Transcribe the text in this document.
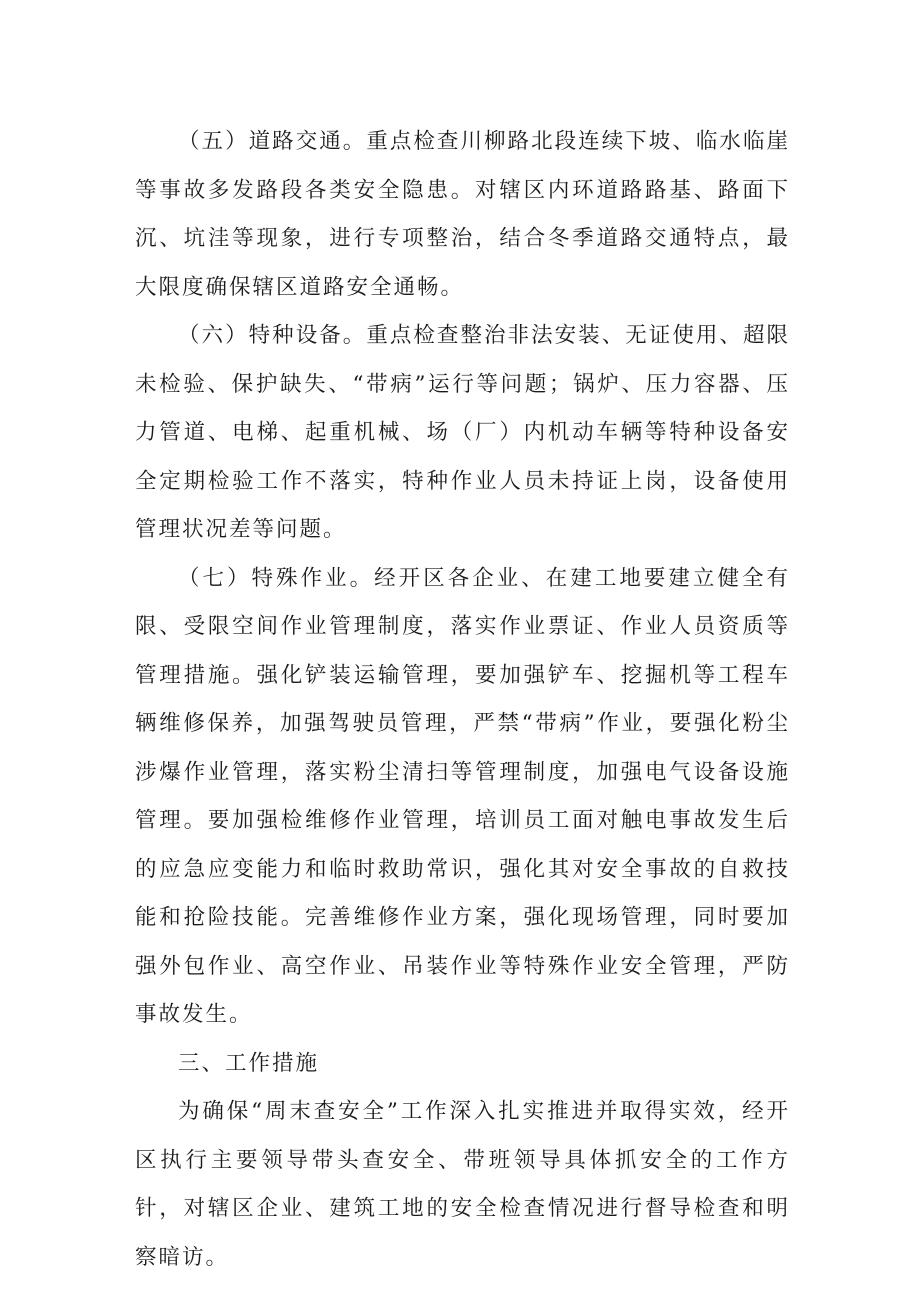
（五）道路交通。重点检查川柳路北段连续下坡、临水临崖等事故多发路段各类安全隐患。对辖区内环道路路基、路面下沉、坑洼等现象，进行专项整治，结合冬季道路交通特点，最大限度确保辖区道路安全通畅。

（六）特种设备。重点检查整治非法安装、无证使用、超限未检验、保护缺失、“带病”运行等问题；锅炉、压力容器、压力管道、电梯、起重机械、场（厂）内机动车辆等特种设备安全定期检验工作不落实，特种作业人员未持证上岗，设备使用管理状况差等问题。

（七）特殊作业。经开区各企业、在建工地要建立健全有限、受限空间作业管理制度，落实作业票证、作业人员资质等管理措施。强化铲装运输管理，要加强铲车、挖掘机等工程车辆维修保养，加强驾驶员管理，严禁“带病”作业，要强化粉尘涉爆作业管理，落实粉尘清扫等管理制度，加强电气设备设施管理。要加强检维修作业管理，培训员工面对触电事故发生后的应急应变能力和临时救助常识，强化其对安全事故的自救技能和抢险技能。完善维修作业方案，强化现场管理，同时要加强外包作业、高空作业、吊装作业等特殊作业安全管理，严防事故发生。

三、工作措施

为确保“周末查安全”工作深入扎实推进并取得实效，经开区执行主要领导带头查安全、带班领导具体抓安全的工作方针，对辖区企业、建筑工地的安全检查情况进行督导检查和明察暗访。
